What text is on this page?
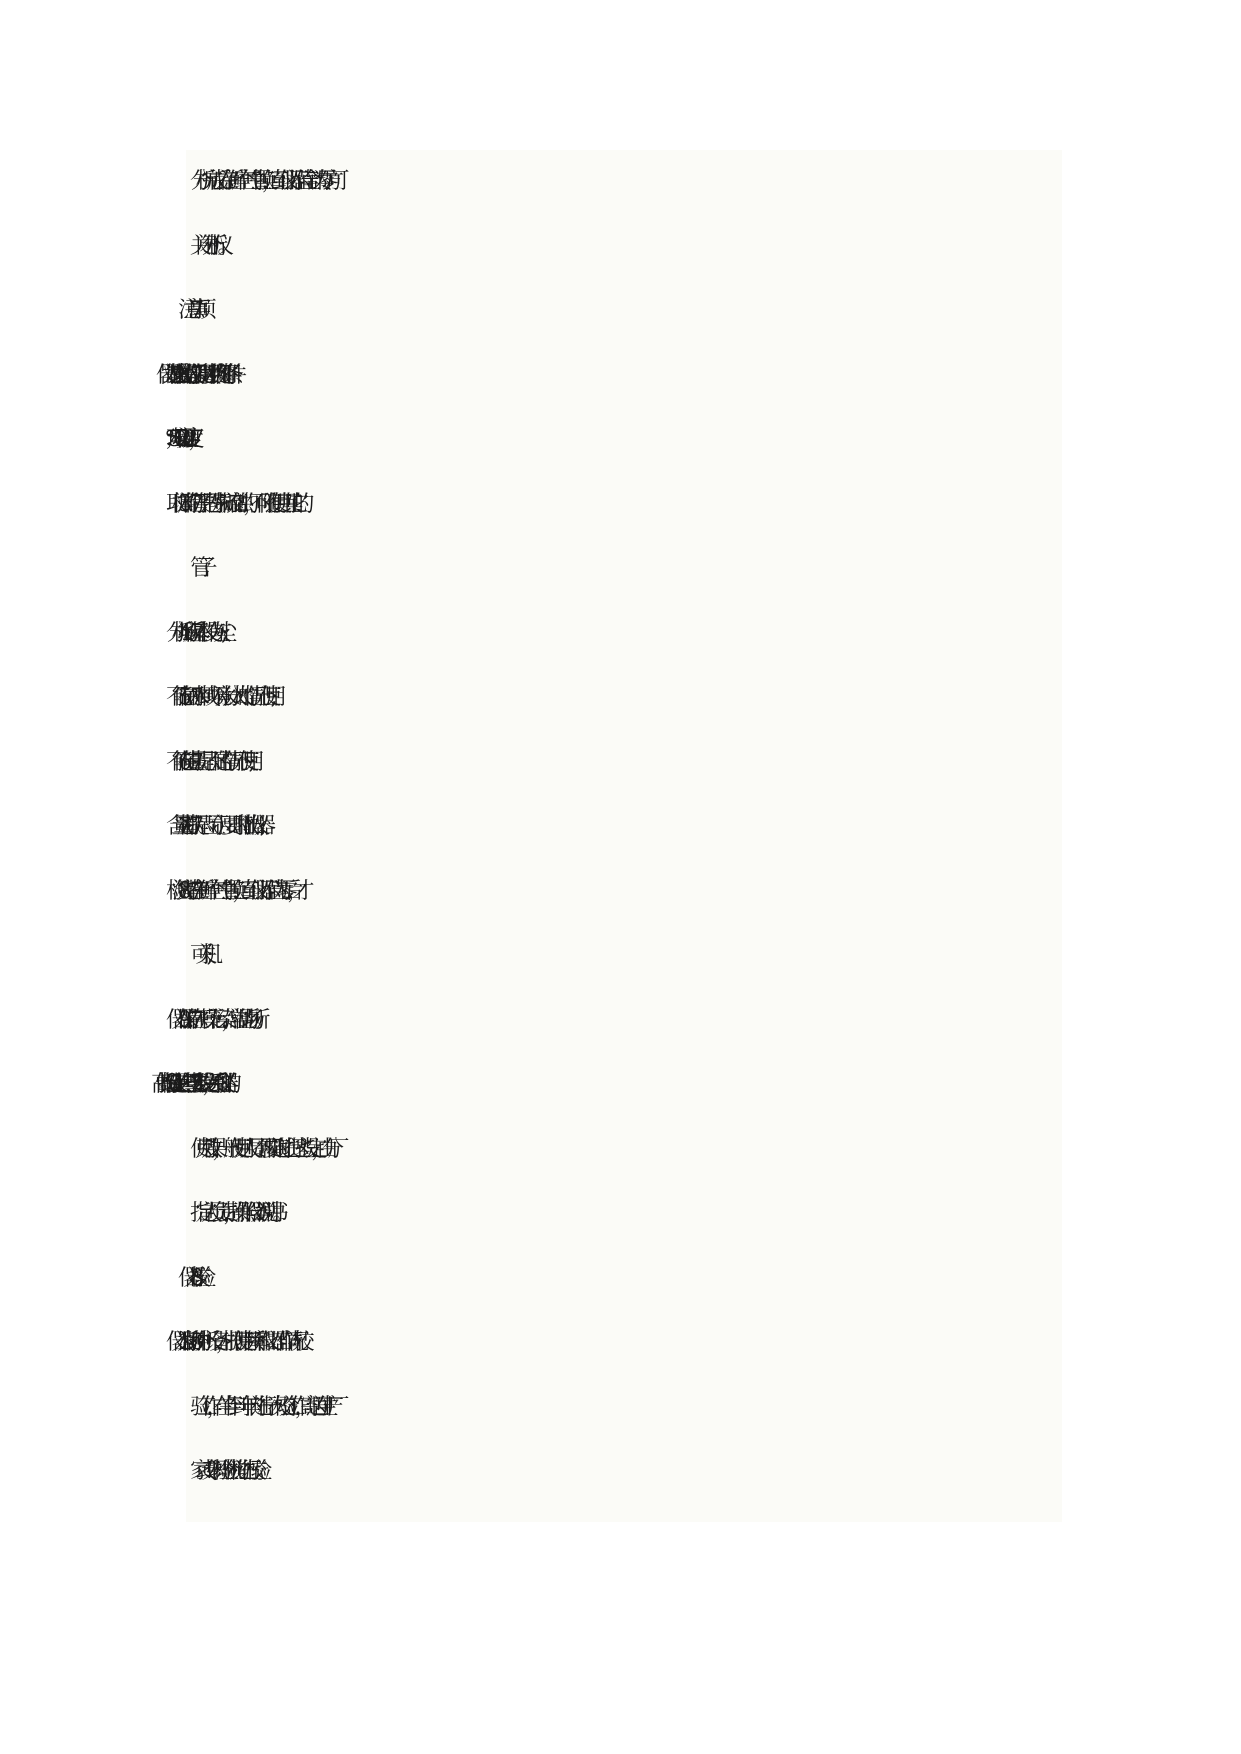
分析完成后在新鲜空气中置换，直到仪器示值全部为零方可
关闭分析仪。
7 注意事项
7.1 仪器为敏感度较高的仪器。使用时要严格满足如下条件。
7.3 取样用的管子是特殊抗硫腐蚀的，不可随便使用其它的
管子
7.4 分析场所基本没有灰尘;
7.5 不能在雨水中或环境水分太大的情况上使用;
7.6 不能在电量提示不足的情况下使用;
7.7 含量超标提示（显示）要即时撤出仪器;
7.8 检测完毕在新鲜空气中置换，直到仪器示值为零后，才
可关机;
7.9 仪器保存在干燥无污染，常温的场所。
7.10 高低指标设定及其它一些重要参数设定，关系到仪器的
使用效果，一般使用人员不需要随时进行这些设定，由分厂
指定人员负责，操作照仪器说明书。
8 仪器校验
8.1 仪器为特种分析设备，根据使用频率和仪器工作情况校
验工作，在半年到一年内进行一次校验工作，寄送回生产厂
家或专职检验机构进行校验。
